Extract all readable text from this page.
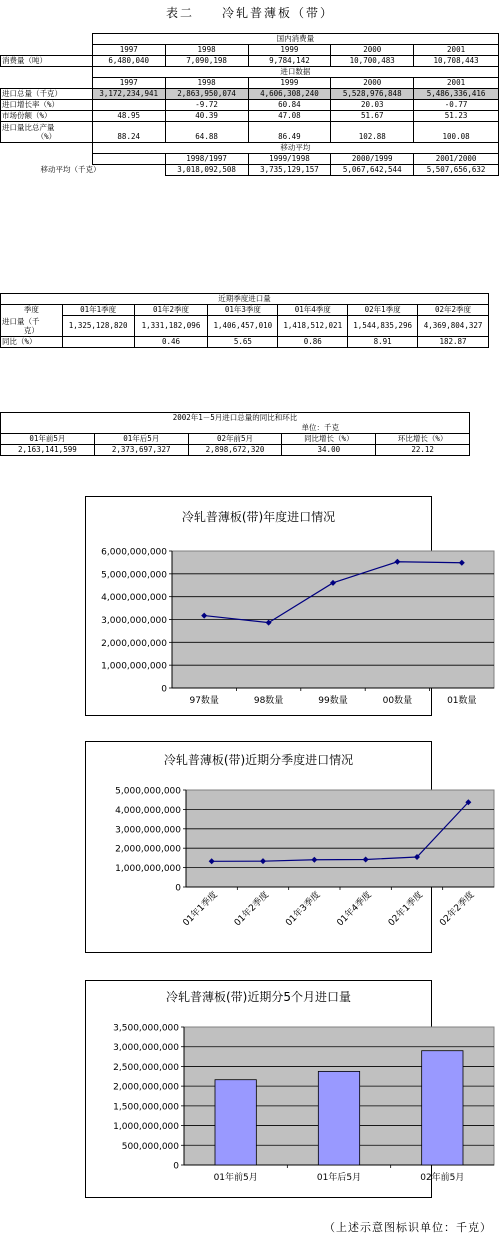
表二　　冷轧普薄板（带）
	国内消费量				
	1997	1998	1999	2000	2001
消费量（吨）	6,480,040	7,090,198	9,784,142	10,700,483	10,708,443
	进口数据				
	1997	1998	1999	2000	2001
进口总量（千克）	3,172,234,941	2,863,950,074	4,606,308,240	5,528,976,848	5,486,336,416
进口增长率（%）		-9.72	60.84	20.03	-0.77
市场份额（%）	48.95	40.39	47.08	51.67	51.23

进口量比总产量
（%）	88.24	64.88	86.49	102.88	100.08
	移动平均				
		1998/1997	1999/1998	2000/1999	2001/2000
移动平均（千克）		3,018,092,508	3,735,129,157	5,067,642,544	5,507,656,632
近期季度进口量						
季度	01年1季度	01年2季度	01年3季度	01年4季度	02年1季度	02年2季度

进口量（千
克）	1,325,128,820	1,331,182,096	1,406,457,010	1,418,512,021	1,544,835,296	4,369,804,327
同比（%）		0.46	5.65	0.86	8.91	182.87
2002年1－5月进口总量的同比和环比				
单位：千克				
01年前5月	01年后5月	02年前5月	同比增长（%）	环比增长（%）
2,163,141,599	2,373,697,327	2,898,672,320	34.00	22.12
冷轧普薄板(带)年度进口情况
0
1,000,000,000
2,000,000,000
3,000,000,000
4,000,000,000
5,000,000,000
6,000,000,000
97数量	98数量	99数量	00数量	01数量
冷轧普薄板(带)近期分季度进口情况
0
1,000,000,000
2,000,000,000
3,000,000,000
4,000,000,000
5,000,000,000
01年1季度 01年2季度 01年3季度 01年4季度 02年1季度 02年2季度
冷轧普薄板(带)近期分5个月进口量
0
500,000,000
1,000,000,000
1,500,000,000
2,000,000,000
2,500,000,000
3,000,000,000
3,500,000,000
01年前5月	01年后5月	02年前5月
（上述示意图标识单位：千克）
